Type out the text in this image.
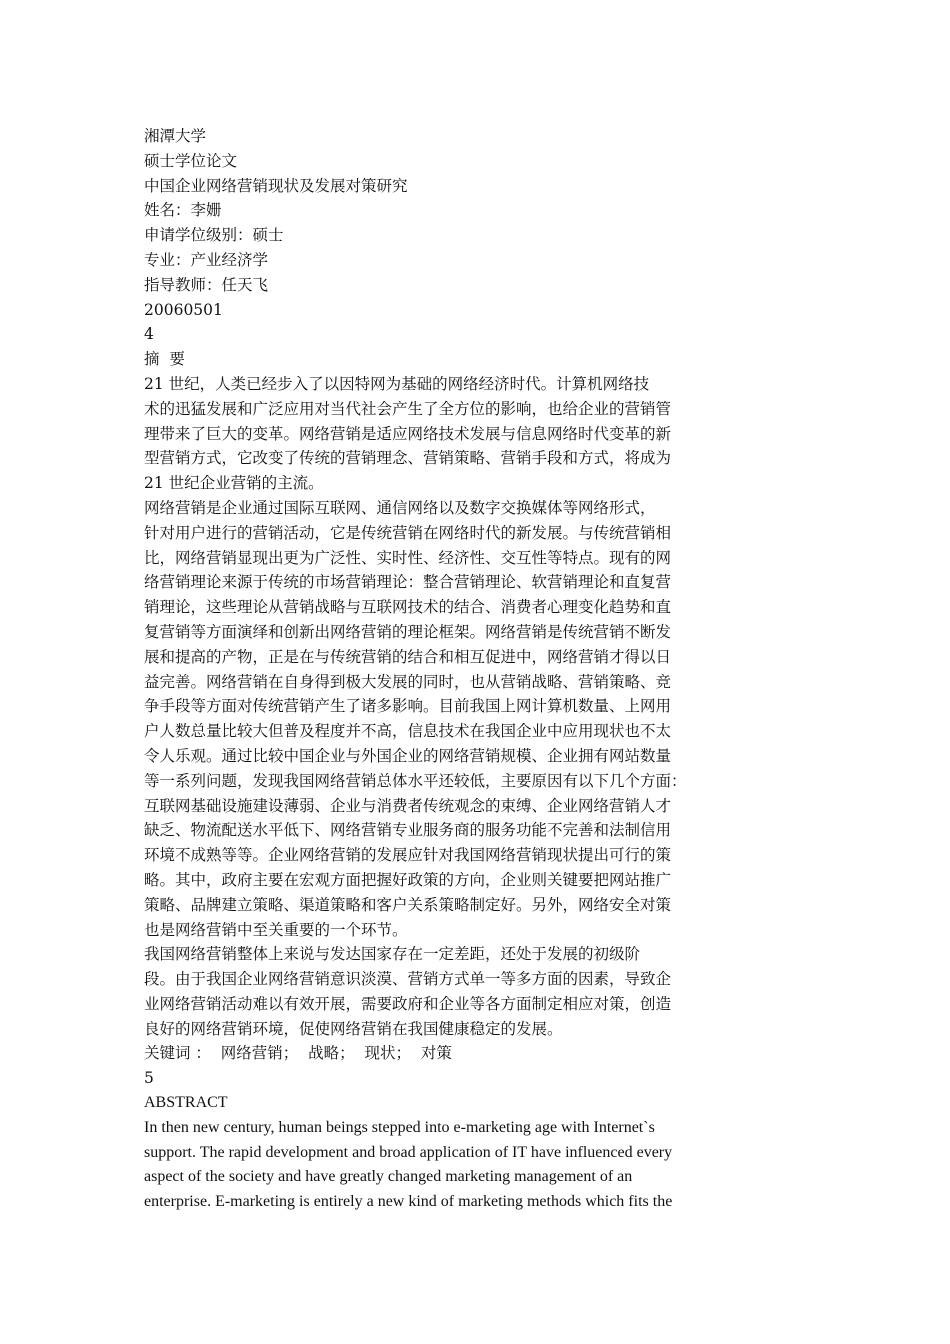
湘潭大学
硕士学位论文
中国企业网络营销现状及发展对策研究
姓名：李姗
申请学位级别：硕士
专业：产业经济学
指导教师：任天飞
20060501
4
摘  要
21 世纪，人类已经步入了以因特网为基础的网络经济时代。计算机网络技
术的迅猛发展和广泛应用对当代社会产生了全方位的影响，也给企业的营销管
理带来了巨大的变革。网络营销是适应网络技术发展与信息网络时代变革的新
型营销方式，它改变了传统的营销理念、营销策略、营销手段和方式，将成为
21 世纪企业营销的主流。
网络营销是企业通过国际互联网、通信网络以及数字交换媒体等网络形式，
针对用户进行的营销活动，它是传统营销在网络时代的新发展。与传统营销相
比，网络营销显现出更为广泛性、实时性、经济性、交互性等特点。现有的网
络营销理论来源于传统的市场营销理论：整合营销理论、软营销理论和直复营
销理论，这些理论从营销战略与互联网技术的结合、消费者心理变化趋势和直
复营销等方面演绎和创新出网络营销的理论框架。网络营销是传统营销不断发
展和提高的产物，正是在与传统营销的结合和相互促进中，网络营销才得以日
益完善。网络营销在自身得到极大发展的同时，也从营销战略、营销策略、竞
争手段等方面对传统营销产生了诸多影响。目前我国上网计算机数量、上网用
户人数总量比较大但普及程度并不高，信息技术在我国企业中应用现状也不太
令人乐观。通过比较中国企业与外国企业的网络营销规模、企业拥有网站数量
等一系列问题，发现我国网络营销总体水平还较低，主要原因有以下几个方面：
互联网基础设施建设薄弱、企业与消费者传统观念的束缚、企业网络营销人才
缺乏、物流配送水平低下、网络营销专业服务商的服务功能不完善和法制信用
环境不成熟等等。企业网络营销的发展应针对我国网络营销现状提出可行的策
略。其中，政府主要在宏观方面把握好政策的方向，企业则关键要把网站推广
策略、品牌建立策略、渠道策略和客户关系策略制定好。另外，网络安全对策
也是网络营销中至关重要的一个环节。
我国网络营销整体上来说与发达国家存在一定差距，还处于发展的初级阶
段。由于我国企业网络营销意识淡漠、营销方式单一等多方面的因素，导致企
业网络营销活动难以有效开展，需要政府和企业等各方面制定相应对策，创造
良好的网络营销环境，促使网络营销在我国健康稳定的发展。
关键词 ：  网络营销；  战略；  现状；  对策
5
ABSTRACT
In then new century, human beings stepped into e-marketing age with Internet`s
support. The rapid development and broad application of IT have influenced every
aspect of the society and have greatly changed marketing management of an
enterprise. E-marketing is entirely a new kind of marketing methods which fits the
